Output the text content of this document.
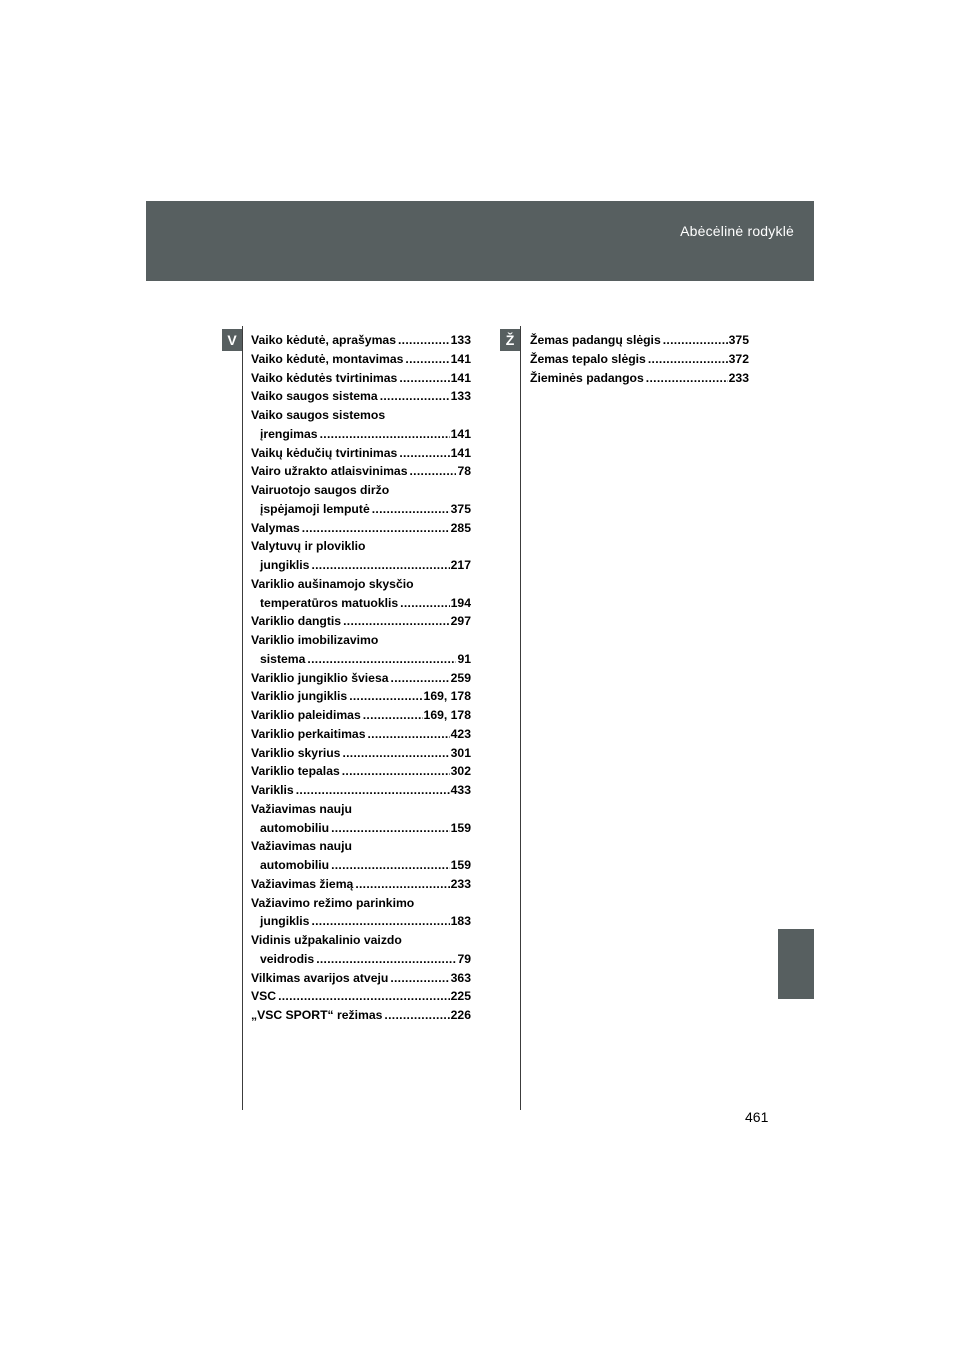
Abėcėlinė rodyklė
V	Ž
Vaiko kėdutė, aprašymas .....	133
Vaiko kėdutė, montavimas .....	141
Vaiko kėdutės tvirtinimas .....	141
Vaiko saugos sistema .....	133
Vaiko saugos sistemos
įrengimas .....	141
Vaikų kėdučių tvirtinimas .....	141
Vairo užrakto atlaisvinimas .....	78
Vairuotojo saugos diržo
įspėjamoji lemputė .....	375
Valymas .....	285
Valytuvų ir ploviklio
jungiklis .....	217
Variklio aušinamojo skysčio
temperatūros matuoklis .....	194
Variklio dangtis .....	297
Variklio imobilizavimo
sistema .....	91
Variklio jungiklio šviesa .....	259
Variklio jungiklis .....	169, 178
Variklio paleidimas .....	169, 178
Variklio perkaitimas .....	423
Variklio skyrius .....	301
Variklio tepalas .....	302
Variklis .....	433
Važiavimas nauju
automobiliu .....	159
Važiavimas nauju
automobiliu .....	159
Važiavimas žiemą .....	233
Važiavimo režimo parinkimo
jungiklis .....	183
Vidinis užpakalinio vaizdo
veidrodis .....	79
Vilkimas avarijos atveju .....	363
VSC .....	225
„VSC SPORT“ režimas .....	226
Žemas padangų slėgis .....	375
Žemas tepalo slėgis .....	372
Žieminės padangos .....	233
461
